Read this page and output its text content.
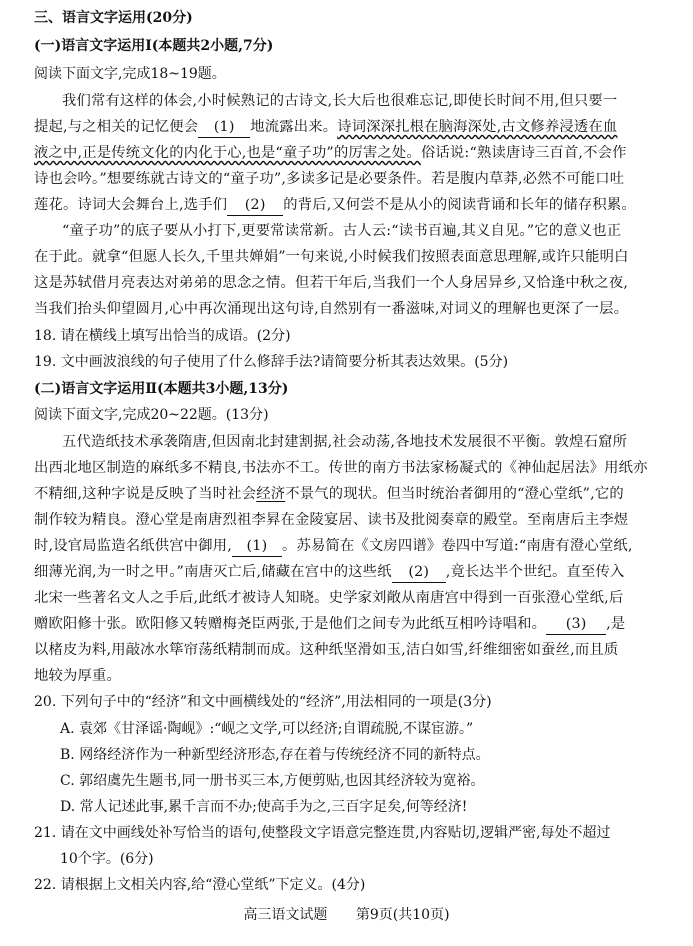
三、语言文字运用(20分)
(一)语言文字运用Ⅰ(本题共2小题,7分)
阅读下面文字,完成18~19题。
我们常有这样的体会,小时候熟记的古诗文,长大后也很难忘记,即使长时间不用,但只要一
提起,与之相关的记忆便会 (1) 地流露出来。诗词深深扎根在脑海深处,古文修养浸透在血
液之中,正是传统文化的内化于心,也是“童子功”的厉害之处。俗话说:“熟读唐诗三百首,不会作
诗也会吟。”想要练就古诗文的“童子功”,多读多记是必要条件。若是腹内草莽,必然不可能口吐
莲花。诗词大会舞台上,选手们 (2) 的背后,又何尝不是从小的阅读背诵和长年的储存积累。
“童子功”的底子要从小打下,更要常读常新。古人云:“读书百遍,其义自见。”它的意义也正
在于此。就拿“但愿人长久,千里共婵娟”一句来说,小时候我们按照表面意思理解,或许只能明白
这是苏轼借月亮表达对弟弟的思念之情。但若干年后,当我们一个人身居异乡,又恰逢中秋之夜,
当我们抬头仰望圆月,心中再次涌现出这句诗,自然别有一番滋味,对词义的理解也更深了一层。
18. 请在横线上填写出恰当的成语。(2分)
19. 文中画波浪线的句子使用了什么修辞手法?请简要分析其表达效果。(5分)
(二)语言文字运用Ⅱ(本题共3小题,13分)
阅读下面文字,完成20~22题。(13分)
五代造纸技术承袭隋唐,但因南北封建割据,社会动荡,各地技术发展很不平衡。敦煌石窟所
出西北地区制造的麻纸多不精良,书法亦不工。传世的南方书法家杨凝式的《神仙起居法》用纸亦
不精细,这种字说是反映了当时社会经济不景气的现状。但当时统治者御用的“澄心堂纸”,它的
制作较为精良。澄心堂是南唐烈祖李昪在金陵宴居、读书及批阅奏章的殿堂。至南唐后主李煜
时,设官局监造名纸供宫中御用, (1) 。苏易简在《文房四谱》卷四中写道:“南唐有澄心堂纸,
细薄光润,为一时之甲。”南唐灭亡后,储藏在宫中的这些纸 (2) ,竟长达半个世纪。直至传入
北宋一些著名文人之手后,此纸才被诗人知晓。史学家刘敞从南唐宫中得到一百张澄心堂纸,后
赠欧阳修十张。欧阳修又转赠梅尧臣两张,于是他们之间专为此纸互相吟诗唱和。 (3) ,是
以楮皮为料,用敲冰水筚帘荡纸精制而成。这种纸坚滑如玉,洁白如雪,纤维细密如蚕丝,而且质
地较为厚重。
20. 下列句子中的“经济”和文中画横线处的“经济”,用法相同的一项是(3分)
A. 袁郊《甘泽谣·陶岘》:“岘之文学,可以经济;自谓疏脱,不谋宦游。”
B. 网络经济作为一种新型经济形态,存在着与传统经济不同的新特点。
C. 郭绍虞先生题书,同一册书买三本,方便剪贴,也因其经济较为宽裕。
D. 常人记述此事,累千言而不办;使高手为之,三百字足矣,何等经济!
21. 请在文中画线处补写恰当的语句,使整段文字语意完整连贯,内容贴切,逻辑严密,每处不超过
10个字。(6分)
22. 请根据上文相关内容,给“澄心堂纸”下定义。(4分)
高三语文试题 第9页(共10页)
